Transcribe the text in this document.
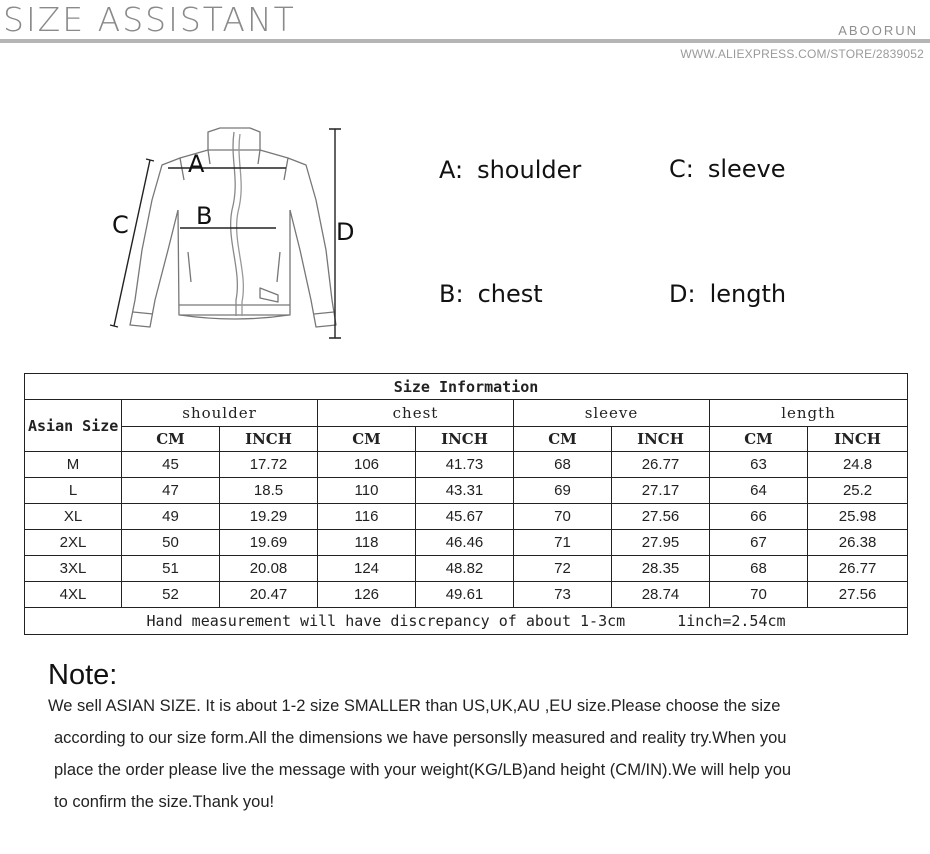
SIZE ASSISTANT	ABOORUN
WWW.ALIEXPRESS.COM/STORE/2839052
A
B
C	D
A: shoulder	C: sleeve
B: chest	D: length
Size Information								
Asian Size	shoulder		chest		sleeve		length	
	CM	INCH	CM	INCH	CM	INCH	CM	INCH
M	45	17.72	106	41.73	68	26.77	63	24.8
L	47	18.5	110	43.31	69	27.17	64	25.2
XL	49	19.29	116	45.67	70	27.56	66	25.98
2XL	50	19.69	118	46.46	71	27.95	67	26.38
3XL	51	20.08	124	48.82	72	28.35	68	26.77
4XL	52	20.47	126	49.61	73	28.74	70	27.56
Hand measurement will have discrepancy of about 1-3cm 1inch=2.54cm								
Note:
We sell ASIAN SIZE. It is about 1-2 size SMALLER than US,UK,AU ,EU size.Please choose the size
according to our size form.All the dimensions we have personslly measured and reality try.When you
place the order please live the message with your weight(KG/LB)and height (CM/IN).We will help you
to confirm the size.Thank you!
